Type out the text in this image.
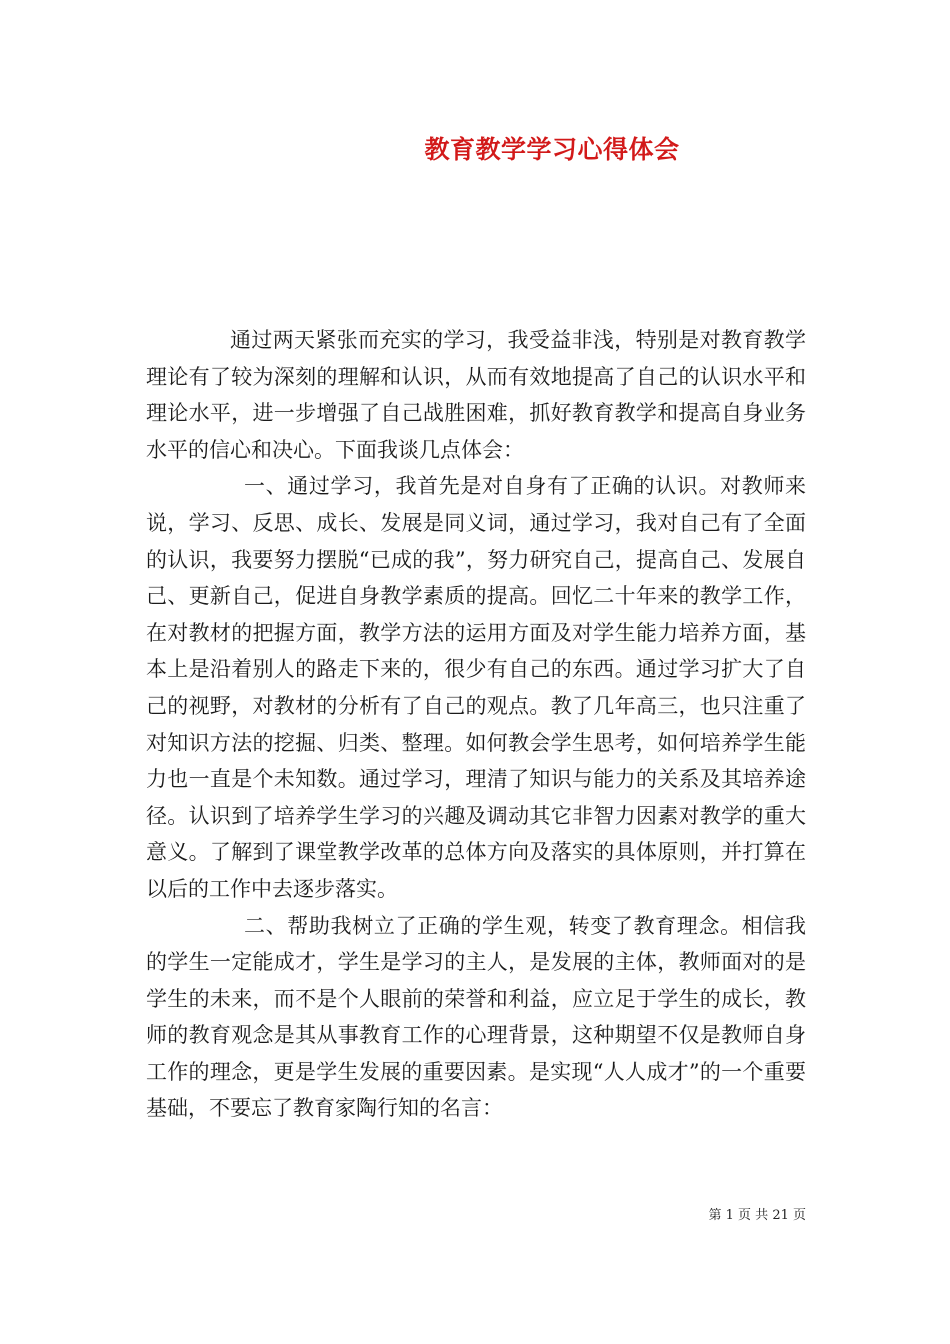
教育教学学习心得体会

通过两天紧张而充实的学习，我受益非浅，特别是对教育教学理论有了较为深刻的理解和认识，从而有效地提高了自己的认识水平和理论水平，进一步增强了自己战胜困难，抓好教育教学和提高自身业务水平的信心和决心。下面我谈几点体会：

一、通过学习，我首先是对自身有了正确的认识。对教师来说，学习、反思、成长、发展是同义词，通过学习，我对自己有了全面的认识，我要努力摆脱“已成的我”，努力研究自己，提高自己、发展自己、更新自己，促进自身教学素质的提高。回忆二十年来的教学工作，在对教材的把握方面，教学方法的运用方面及对学生能力培养方面，基本上是沿着别人的路走下来的，很少有自己的东西。通过学习扩大了自己的视野，对教材的分析有了自己的观点。教了几年高三，也只注重了对知识方法的挖掘、归类、整理。如何教会学生思考，如何培养学生能力也一直是个未知数。通过学习，理清了知识与能力的关系及其培养途径。认识到了培养学生学习的兴趣及调动其它非智力因素对教学的重大意义。了解到了课堂教学改革的总体方向及落实的具体原则，并打算在以后的工作中去逐步落实。

二、帮助我树立了正确的学生观，转变了教育理念。相信我的学生一定能成才，学生是学习的主人，是发展的主体，教师面对的是学生的未来，而不是个人眼前的荣誉和利益，应立足于学生的成长，教师的教育观念是其从事教育工作的心理背景，这种期望不仅是教师自身工作的理念，更是学生发展的重要因素。是实现“人人成才”的一个重要基础，不要忘了教育家陶行知的名言：

第 1 页 共 21 页
